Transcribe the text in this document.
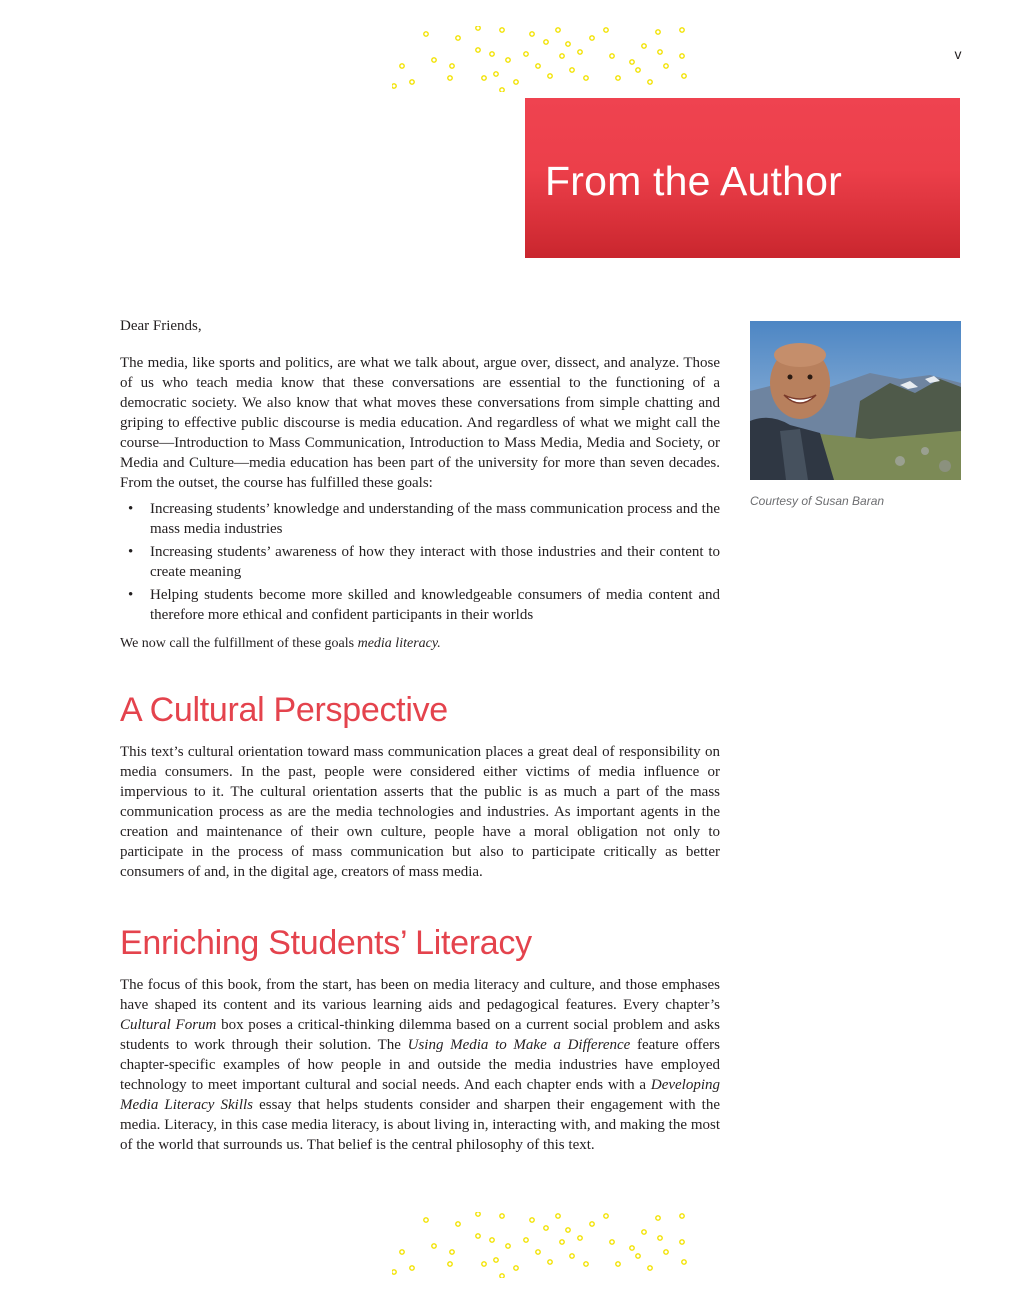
v
From the Author

Courtesy of Susan Baran

Dear Friends,

The media, like sports and politics, are what we talk about, argue over, dissect, and analyze. Those of us who teach media know that these conversations are essential to the functioning of a democratic society. We also know that what moves these conversations from simple chatting and griping to effective public discourse is media education. And regardless of what we might call the course—Introduction to Mass Communication, Introduction to Mass Media, Media and Society, or Media and Culture—media education has been part of the university for more than seven decades. From the outset, the course has fulfilled these goals:

• Increasing students’ knowledge and understanding of the mass communication process and the mass media industries
• Increasing students’ awareness of how they interact with those industries and their content to create meaning
• Helping students become more skilled and knowledgeable consumers of media content and therefore more ethical and confident participants in their worlds

We now call the fulfillment of these goals media literacy.

A Cultural Perspective

This text’s cultural orientation toward mass communication places a great deal of responsibility on media consumers. In the past, people were considered either victims of media influence or impervious to it. The cultural orientation asserts that the public is as much a part of the mass communication process as are the media technologies and industries. As important agents in the creation and maintenance of their own culture, people have a moral obligation not only to participate in the process of mass communication but also to participate critically as better consumers of and, in the digital age, creators of mass media.

Enriching Students’ Literacy

The focus of this book, from the start, has been on media literacy and culture, and those emphases have shaped its content and its various learning aids and pedagogical features. Every chapter’s Cultural Forum box poses a critical-thinking dilemma based on a current social problem and asks students to work through their solution. The Using Media to Make a Difference feature offers chapter-specific examples of how people in and outside the media industries have employed technology to meet important cultural and social needs. And each chapter ends with a Developing Media Literacy Skills essay that helps students consider and sharpen their engagement with the media. Literacy, in this case media literacy, is about living in, interacting with, and making the most of the world that surrounds us. That belief is the central philosophy of this text.
